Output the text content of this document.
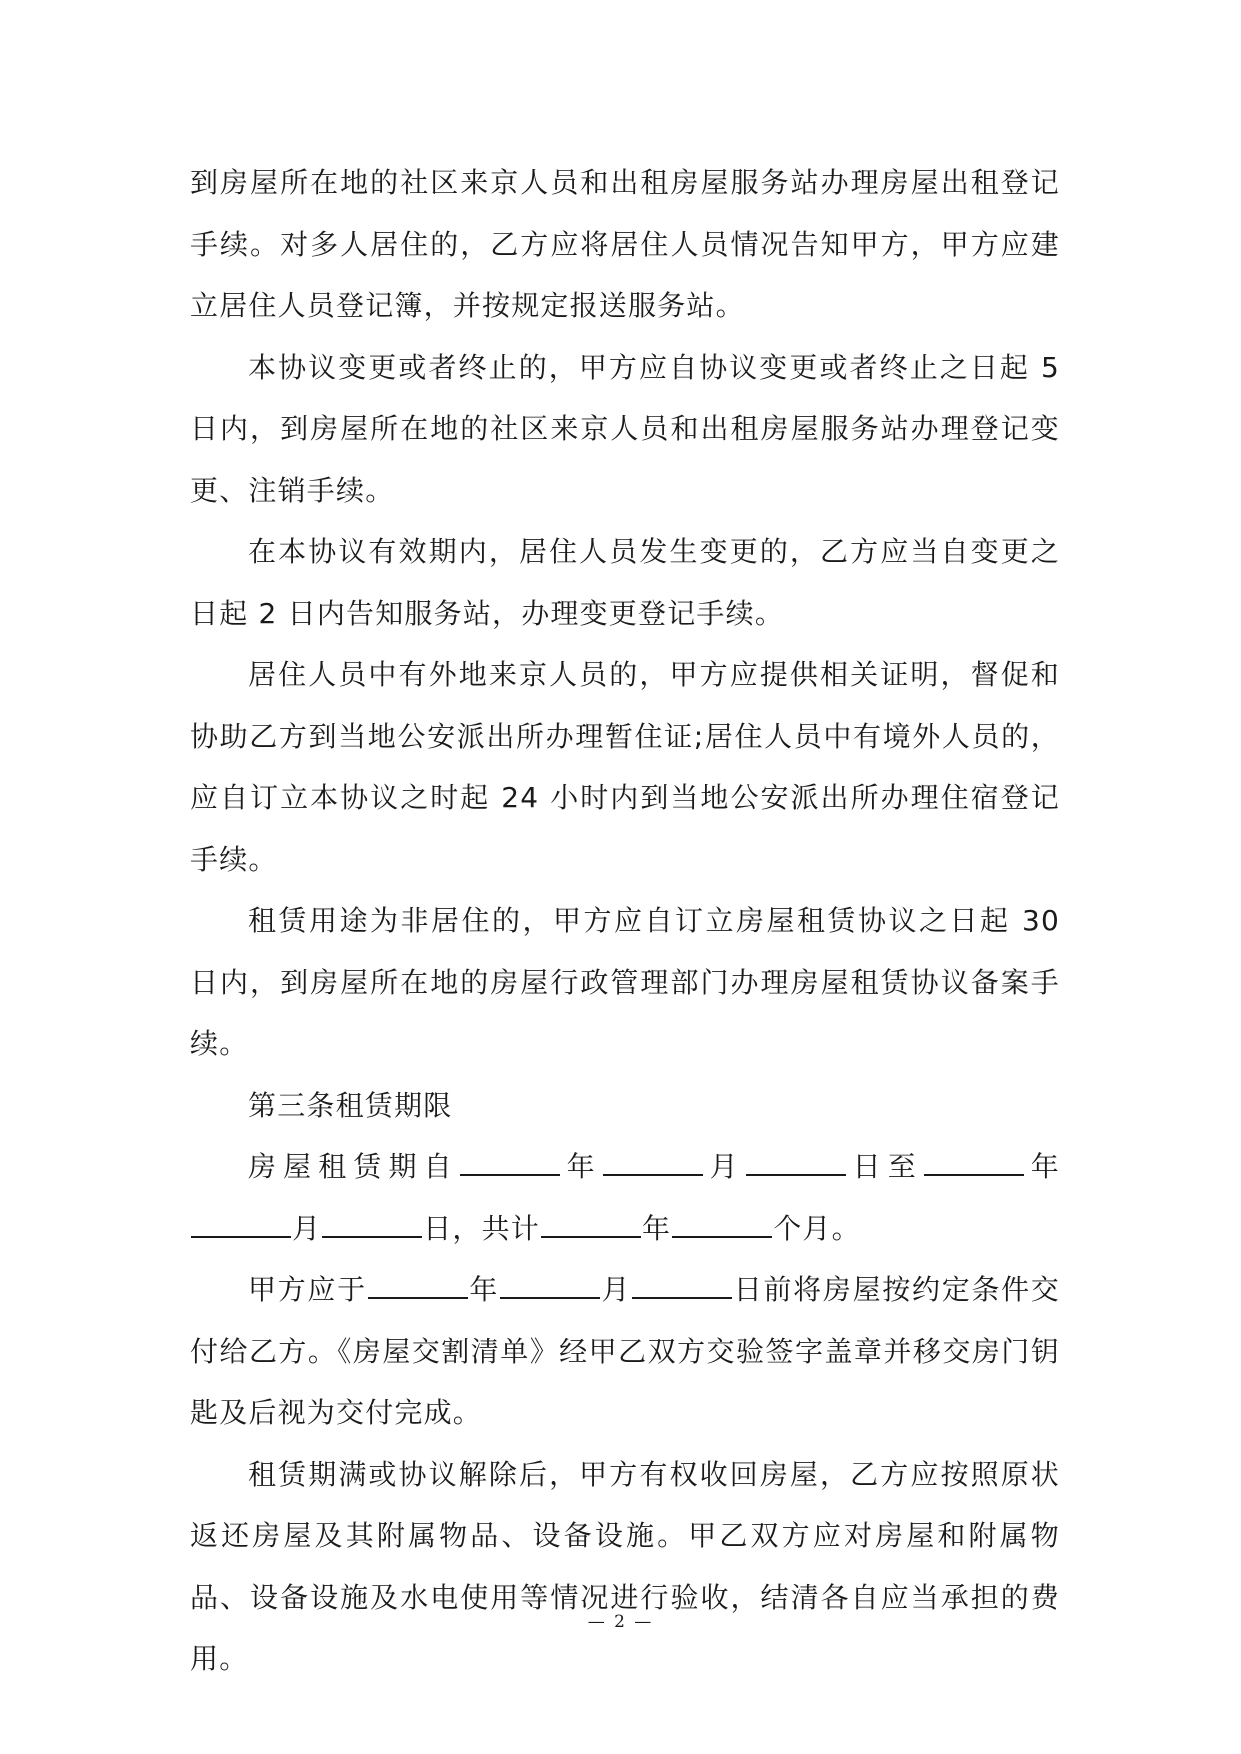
到房屋所在地的社区来京人员和出租房屋服务站办理房屋出租登记手续。对多人居住的，乙方应将居住人员情况告知甲方，甲方应建立居住人员登记簿，并按规定报送服务站。

本协议变更或者终止的，甲方应自协议变更或者终止之日起 5 日内，到房屋所在地的社区来京人员和出租房屋服务站办理登记变更、注销手续。

在本协议有效期内，居住人员发生变更的，乙方应当自变更之日起 2 日内告知服务站，办理变更登记手续。

居住人员中有外地来京人员的，甲方应提供相关证明，督促和协助乙方到当地公安派出所办理暂住证;居住人员中有境外人员的，应自订立本协议之时起 24 小时内到当地公安派出所办理住宿登记手续。

租赁用途为非居住的，甲方应自订立房屋租赁协议之日起 30 日内，到房屋所在地的房屋行政管理部门办理房屋租赁协议备案手续。

第三条租赁期限

房屋租赁期自	年	月	日至	年月	日，共计	年	个月。

甲方应于	年	月	日前将房屋按约定条件交付给乙方。《房屋交割清单》经甲乙双方交验签字盖章并移交房门钥匙及后视为交付完成。

租赁期满或协议解除后，甲方有权收回房屋，乙方应按照原状返还房屋及其附属物品、设备设施。甲乙双方应对房屋和附属物品、设备设施及水电使用等情况进行验收，结清各自应当承担的费用。

— 2 —
